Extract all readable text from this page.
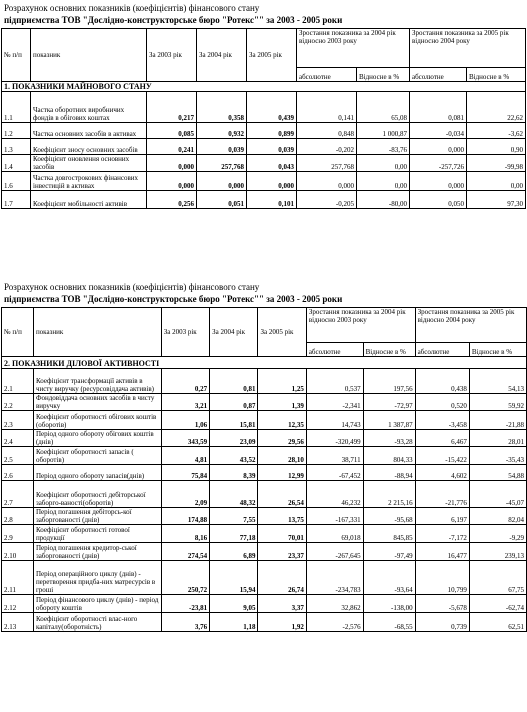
Розрахунок основних показників (коефіцієнтів) фінансового стану
підприємства ТОВ "Дослідно-конструкторське бюро "Ротекс"" за 2003 - 2005 роки
№ п/п	показник	За 2003 рік	За 2004 рік	За 2005 рік	Зростання показника за 2004 рік відносно 2003 року		Зростання показника за 2005 рік відносно 2004 року	
					абсолютне	Відносне в %	абсолютне	Відносне в %
1. ПОКАЗНИКИ МАЙНОВОГО СТАНУ								
1.1	Частка оборотних виробничих фондів в обігових коштах	0,217	0,358	0,439	0,141	65,08	0,081	22,62
1.2	Частка основних засобів в активах	0,085	0,932	0,899	0,848	1 000,87	-0,034	-3,62
1.3	Коефіцієнт зносу основних засобів	0,241	0,039	0,039	-0,202	-83,76	0,000	0,90
1.4	Коефіцієнт оновлення основних засобів	0,000	257,768	0,043	257,768	0,00	-257,726	-99,98
1.6	Частка довгострокових фінансових інвестицій в активах	0,000	0,000	0,000	0,000	0,00	0,000	0,00
1.7	Коефіцієнт мобільності активів	0,256	0,051	0,101	-0,205	-80,00	0,050	97,30
Розрахунок основних показників (коефіцієнтів) фінансового стану
підприємства ТОВ "Дослідно-конструкторське бюро "Ротекс"" за 2003 - 2005 роки
№ п/п	показник	За 2003 рік	За 2004 рік	За 2005 рік	Зростання показника за 2004 рік відносно 2003 року		Зростання показника за 2005 рік відносно 2004 року	
					абсолютне	Відносне в %	абсолютне	Відносне в %
2. ПОКАЗНИКИ ДІЛОВОЇ АКТИВНОСТІ								
2.1	Коефіцієнт трансформації активів в чисту виручку (ресурсовіддача активів)	0,27	0,81	1,25	0,537	197,56	0,438	54,13
2.2	Фондовіддача основних засобів в чисту виручку	3,21	0,87	1,39	-2,341	-72,97	0,520	59,92
2.3	Коефіцієнт оборотності обігових коштів (оборотів)	1,06	15,81	12,35	14,743	1 387,87	-3,458	-21,88
2.4	Період одного обороту обігових коштів (днів)	343,59	23,09	29,56	-320,499	-93,28	6,467	28,01
2.5	Коефіцієнт оборотності запасів ( оборотів)	4,81	43,52	28,10	38,711	804,33	-15,422	-35,43
2.6	Період одного обороту запасів(днів)	75,84	8,39	12,99	-67,452	-88,94	4,602	54,88
2.7	Коефіцієнт оборотності дебіторської заборго-ваності(оборотів)	2,09	48,32	26,54	46,232	2 215,16	-21,776	-45,07
2.8	Період погашення дебіторсь-кої заборгованості (днів)	174,88	7,55	13,75	-167,331	-95,68	6,197	82,04
2.9	Коефіцієнт оборотності готової продукції	8,16	77,18	70,01	69,018	845,85	-7,172	-9,29
2.10	Період погашення кредитор-ської заборгованості (днів)	274,54	6,89	23,37	-267,645	-97,49	16,477	239,13
2.11	Період операційного циклу (днів) - перетворення придба-них матресурсів в гроші	250,72	15,94	26,74	-234,783	-93,64	10,799	67,75
2.12	Період фінансового циклу (днів) - період обороту коштів	-23,81	9,05	3,37	32,862	-138,00	-5,678	-62,74
2.13	Коефіцієнт оборотності влас-ного капіталу(оборотність)	3,76	1,18	1,92	-2,576	-68,55	0,739	62,51
